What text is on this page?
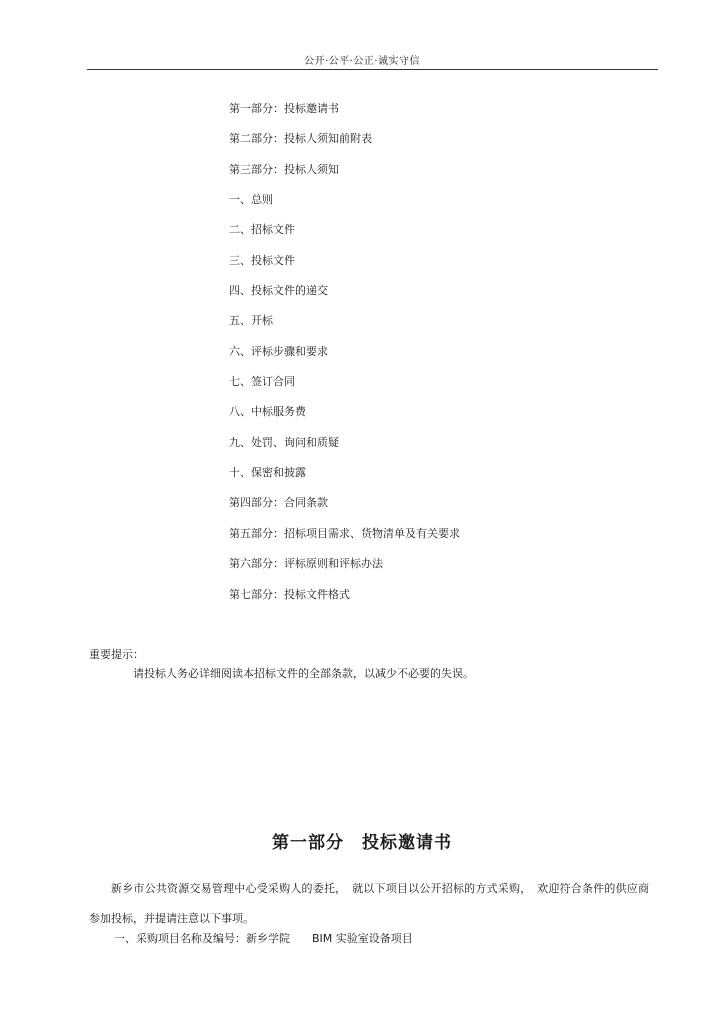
公开·公平·公正·诚实守信
第一部分：投标邀请书
第二部分：投标人须知前附表
第三部分：投标人须知
一、总则
二、招标文件
三、投标文件
四、投标文件的递交
五、开标
六、评标步骤和要求
七、签订合同
八、中标服务费
九、处罚、询问和质疑
十、保密和披露
第四部分：合同条款
第五部分：招标项目需求、货物清单及有关要求
第六部分：评标原则和评标办法
第七部分：投标文件格式
重要提示：
请投标人务必详细阅读本招标文件的全部条款，以减少不必要的失误。
第一部分　投标邀请书

新乡市公共资源交易管理中心受采购人的委托，　就以下项目以公开招标的方式采购，　欢迎符合条件的供应商参加投标，并提请注意以下事项。

一、采购项目名称及编号：新乡学院　　BIM 实验室设备项目
